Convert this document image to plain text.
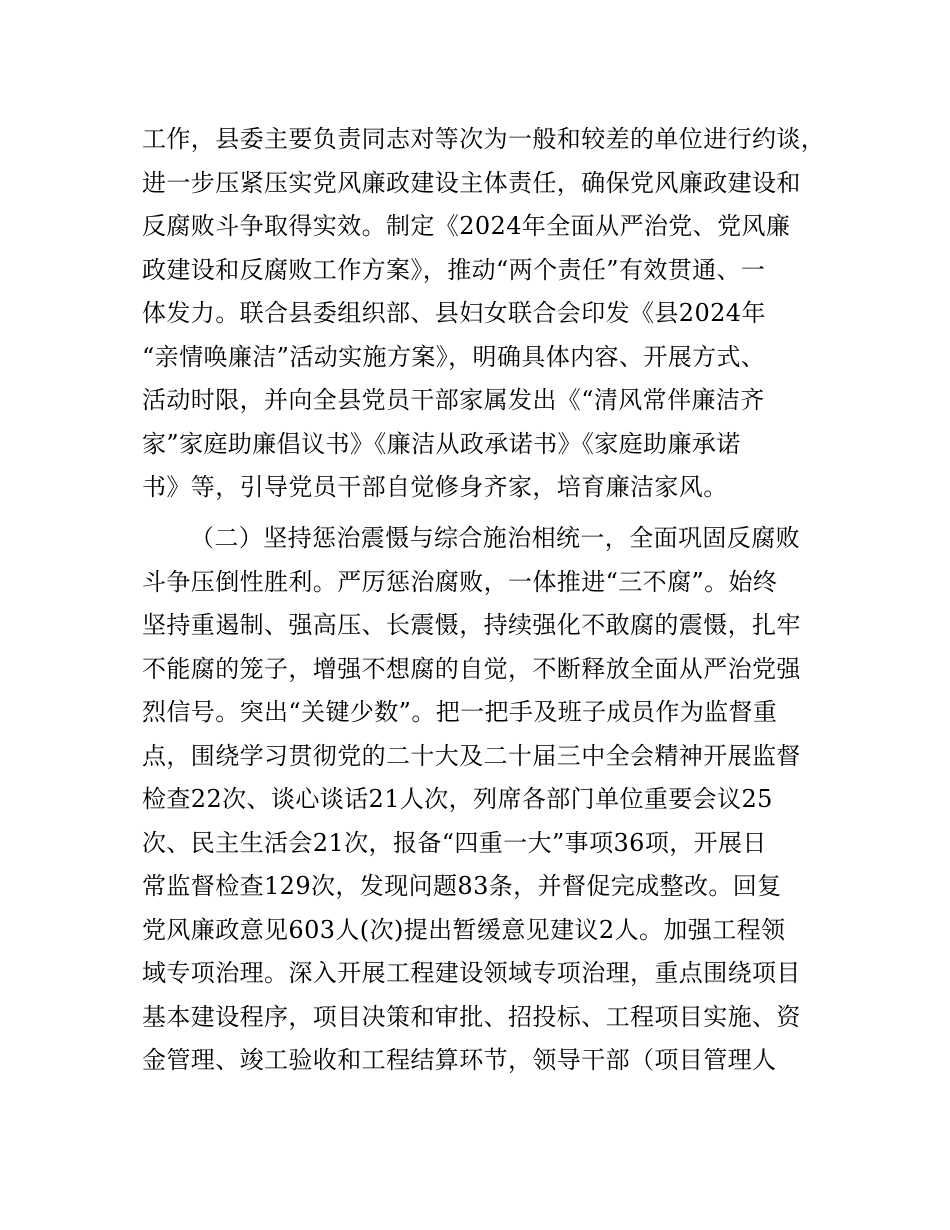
工作，县委主要负责同志对等次为一般和较差的单位进行约谈，
进一步压紧压实党风廉政建设主体责任，确保党风廉政建设和
反腐败斗争取得实效。制定《2024年全面从严治党、党风廉
政建设和反腐败工作方案》，推动“两个责任”有效贯通、一
体发力。联合县委组织部、县妇女联合会印发《县2024年
“亲情唤廉洁”活动实施方案》，明确具体内容、开展方式、
活动时限，并向全县党员干部家属发出《“清风常伴廉洁齐
家”家庭助廉倡议书》《廉洁从政承诺书》《家庭助廉承诺
书》等，引导党员干部自觉修身齐家，培育廉洁家风。
（二）坚持惩治震慑与综合施治相统一，全面巩固反腐败
斗争压倒性胜利。严厉惩治腐败，一体推进“三不腐”。始终
坚持重遏制、强高压、长震慑，持续强化不敢腐的震慑，扎牢
不能腐的笼子，增强不想腐的自觉，不断释放全面从严治党强
烈信号。突出“关键少数”。把一把手及班子成员作为监督重
点，围绕学习贯彻党的二十大及二十届三中全会精神开展监督
检查22次、谈心谈话21人次，列席各部门单位重要会议25
次、民主生活会21次，报备“四重一大”事项36项，开展日
常监督检查129次，发现问题83条，并督促完成整改。回复
党风廉政意见603人(次)提出暂缓意见建议2人。加强工程领
域专项治理。深入开展工程建设领域专项治理，重点围绕项目
基本建设程序，项目决策和审批、招投标、工程项目实施、资
金管理、竣工验收和工程结算环节，领导干部（项目管理人
